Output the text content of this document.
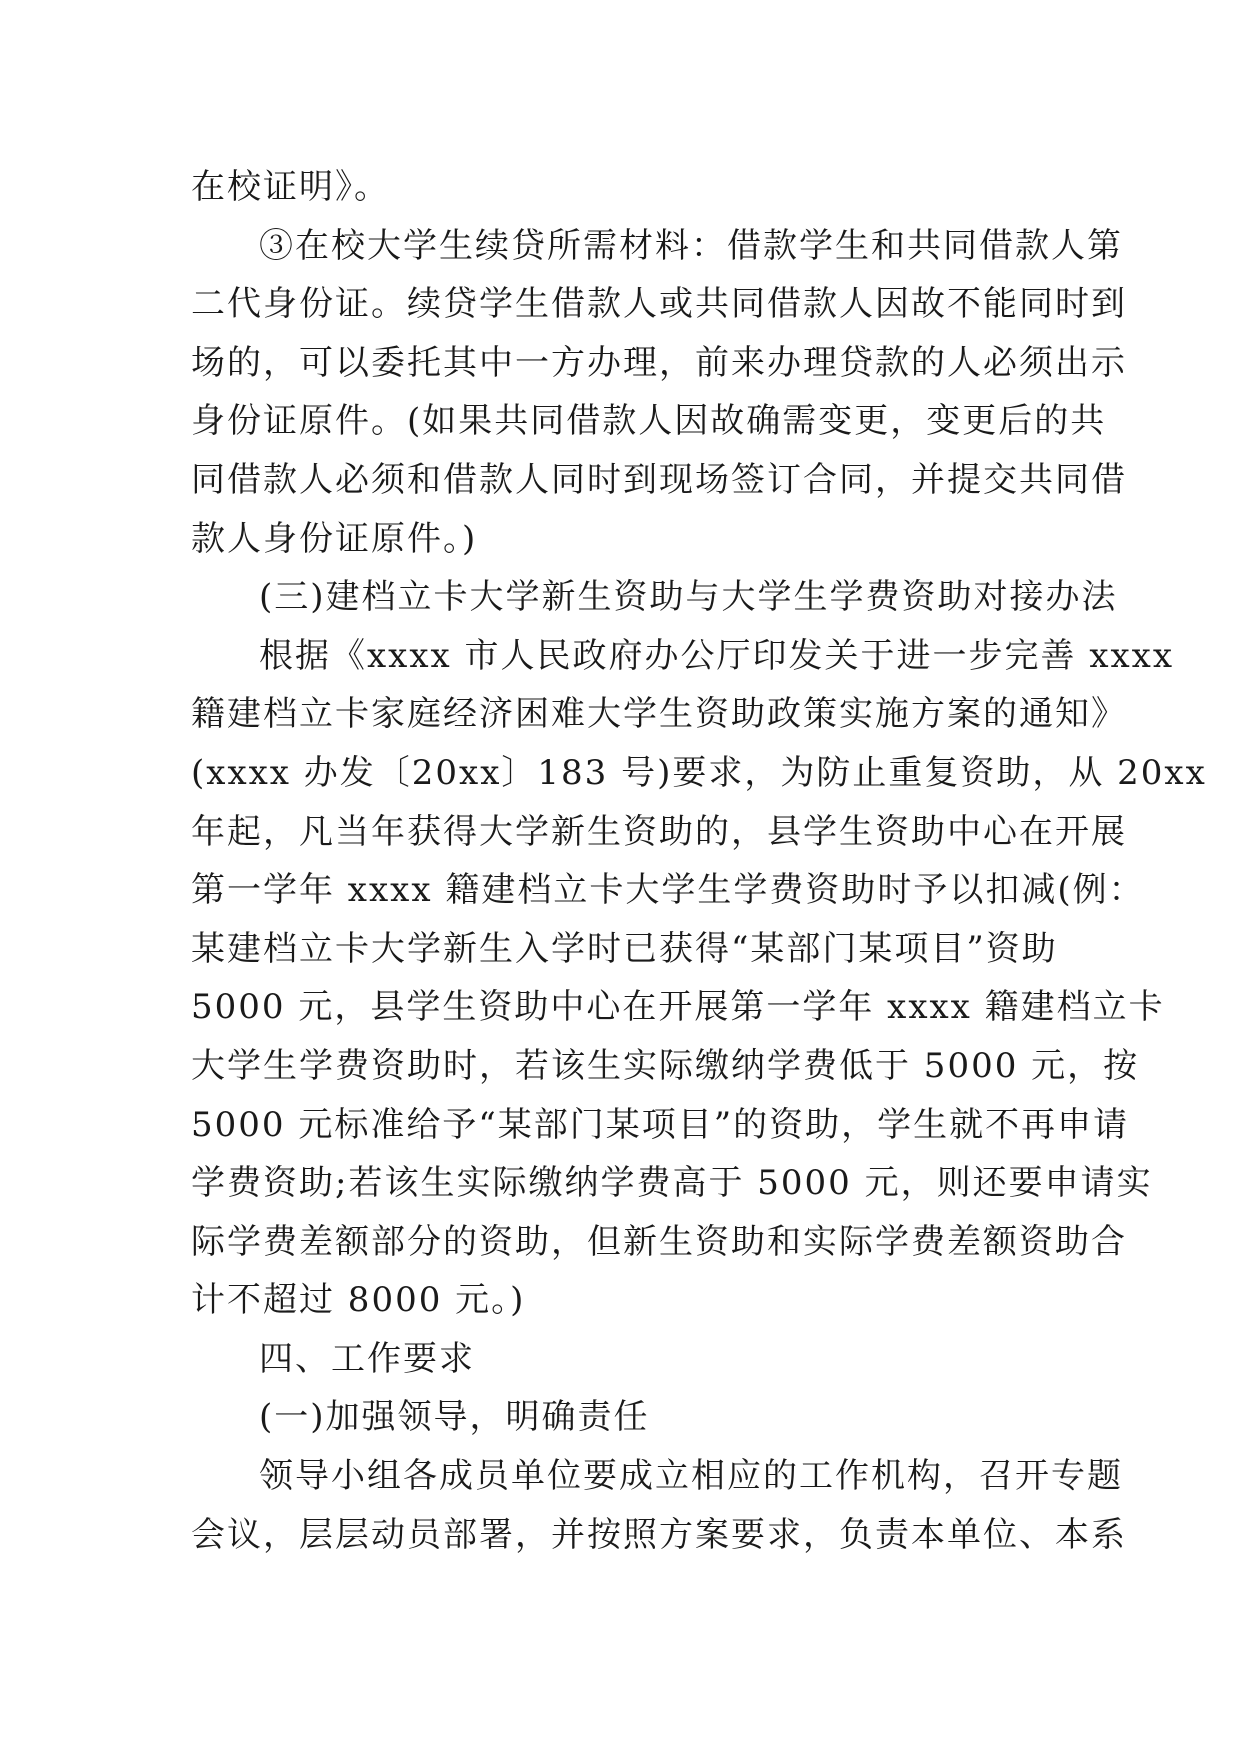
在校证明》。
③在校大学生续贷所需材料：借款学生和共同借款人第
二代身份证。续贷学生借款人或共同借款人因故不能同时到
场的，可以委托其中一方办理，前来办理贷款的人必须出示
身份证原件。(如果共同借款人因故确需变更，变更后的共
同借款人必须和借款人同时到现场签订合同，并提交共同借
款人身份证原件。)
(三)建档立卡大学新生资助与大学生学费资助对接办法
根据《xxxx 市人民政府办公厅印发关于进一步完善 xxxx
籍建档立卡家庭经济困难大学生资助政策实施方案的通知》
(xxxx 办发〔20xx〕183 号)要求，为防止重复资助，从 20xx
年起，凡当年获得大学新生资助的，县学生资助中心在开展
第一学年 xxxx 籍建档立卡大学生学费资助时予以扣减(例：
某建档立卡大学新生入学时已获得“某部门某项目”资助
5000 元，县学生资助中心在开展第一学年 xxxx 籍建档立卡
大学生学费资助时，若该生实际缴纳学费低于 5000 元，按
5000 元标准给予“某部门某项目”的资助，学生就不再申请
学费资助;若该生实际缴纳学费高于 5000 元，则还要申请实
际学费差额部分的资助，但新生资助和实际学费差额资助合
计不超过 8000 元。)
四、工作要求
(一)加强领导，明确责任
领导小组各成员单位要成立相应的工作机构，召开专题
会议，层层动员部署，并按照方案要求，负责本单位、本系
